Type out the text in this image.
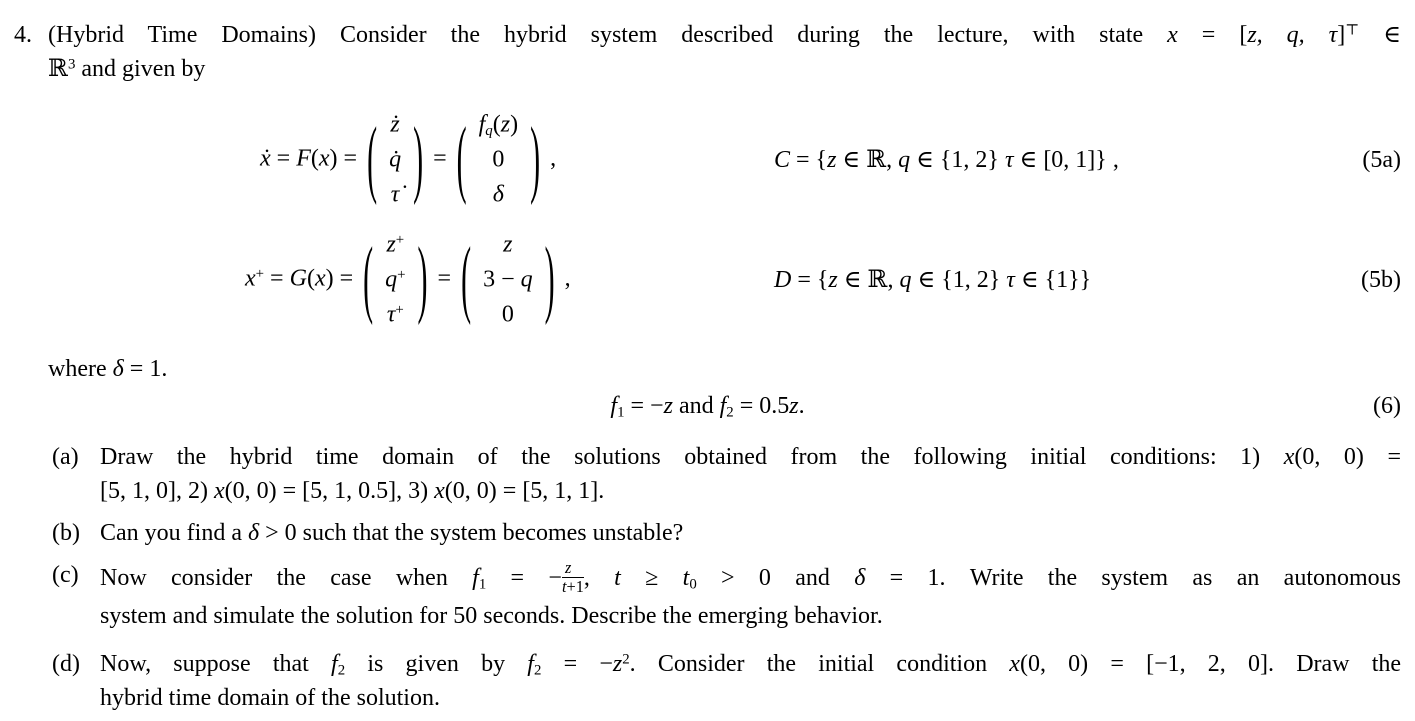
4. (Hybrid Time Domains) Consider the hybrid system described during the lecture, with state x = [z, q, τ]⊤ ∈
ℝ$^3$ and given by
ẋ = F(x) = ( ż
q̇
τ̇ ) = ( fq(z)
0
δ ) ,	C = {z ∈ ℝ, q ∈ {1, 2} τ ∈ [0, 1]} ,	(5a)
x+ = G(x) = ( z+
q+
τ+ ) = ( z
3 − q
0 ) ,	D = {z ∈ ℝ, q ∈ {1, 2} τ ∈ {1}}	(5b)
where δ = 1.
f1 = −z and f2 = 0.5z.	(6)
(a) Draw the hybrid time domain of the solutions obtained from the following initial conditions: 1) x(0, 0) =
[5, 1, 0], 2) x(0, 0) = [5, 1, 0.5], 3) x(0, 0) = [5, 1, 1].
(b) Can you find a δ > 0 such that the system becomes unstable?
(c) Now consider the case when f1 = − $\frac{z}{t+1}$ , t ≥ t0 > 0 and δ = 1. Write the system as an autonomous
system and simulate the solution for 50 seconds. Describe the emerging behavior.
(d) Now, suppose that f2 is given by $f2 = -z^2$. Consider the initial condition x(0, 0) = [−1, 2, 0]. Draw the
hybrid time domain of the solution.
